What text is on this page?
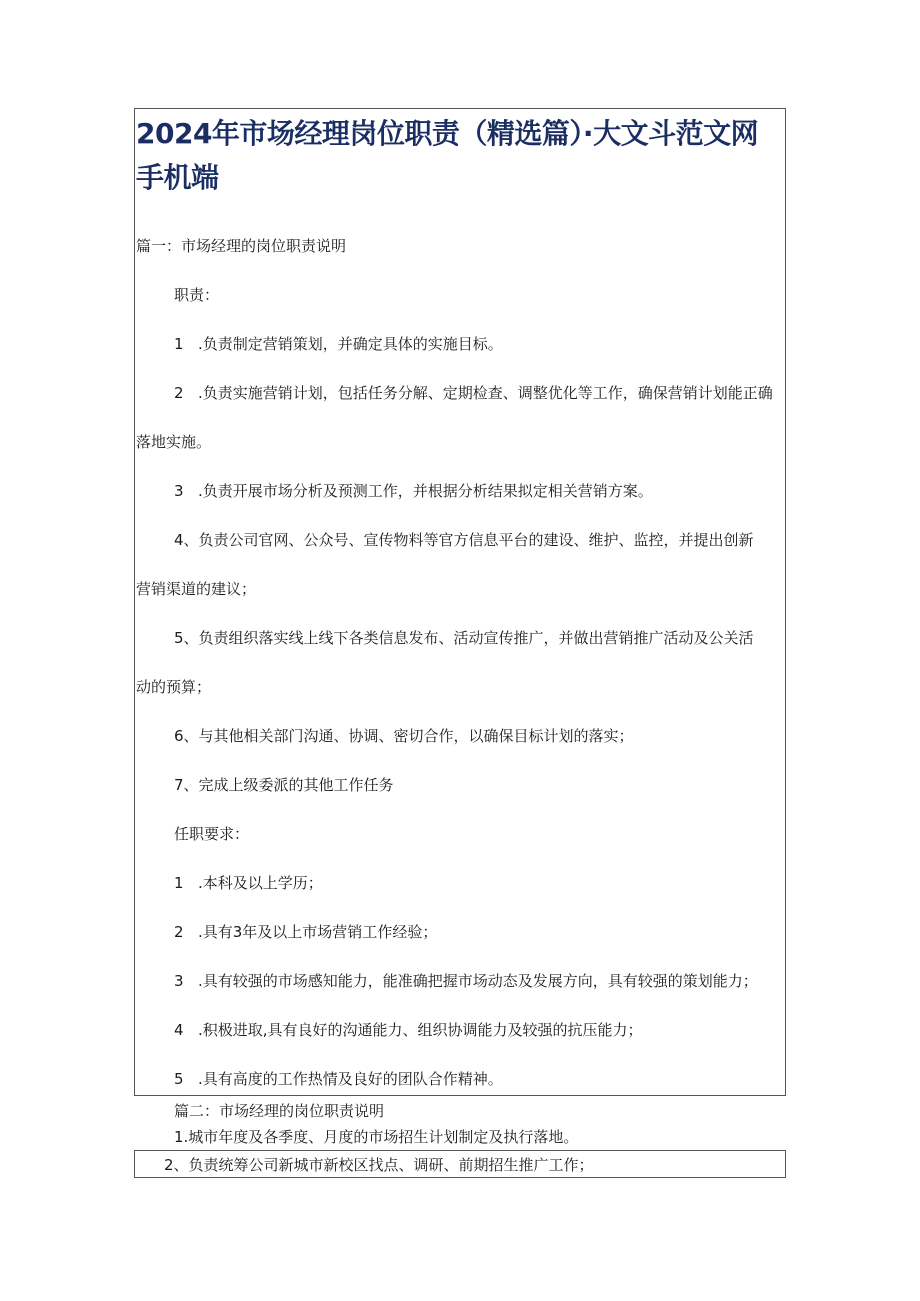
2024年市场经理岗位职责（精选篇）·大文斗范文网手机端

篇一：市场经理的岗位职责说明

职责：

1 .负责制定营销策划，并确定具体的实施目标。

2 .负责实施营销计划，包括任务分解、定期检查、调整优化等工作，确保营销计划能正确

落地实施。

3 .负责开展市场分析及预测工作，并根据分析结果拟定相关营销方案。

4、负责公司官网、公众号、宣传物料等官方信息平台的建设、维护、监控，并提出创新

营销渠道的建议；

5、负责组织落实线上线下各类信息发布、活动宣传推广，并做出营销推广活动及公关活

动的预算；

6、与其他相关部门沟通、协调、密切合作，以确保目标计划的落实；

7、完成上级委派的其他工作任务

任职要求：

1 .本科及以上学历；

2 .具有3年及以上市场营销工作经验；

3 .具有较强的市场感知能力，能准确把握市场动态及发展方向，具有较强的策划能力；

4 .积极进取,具有良好的沟通能力、组织协调能力及较强的抗压能力；

5 .具有高度的工作热情及良好的团队合作精神。

篇二：市场经理的岗位职责说明

1.城市年度及各季度、月度的市场招生计划制定及执行落地。

2、负责统筹公司新城市新校区找点、调研、前期招生推广工作；
